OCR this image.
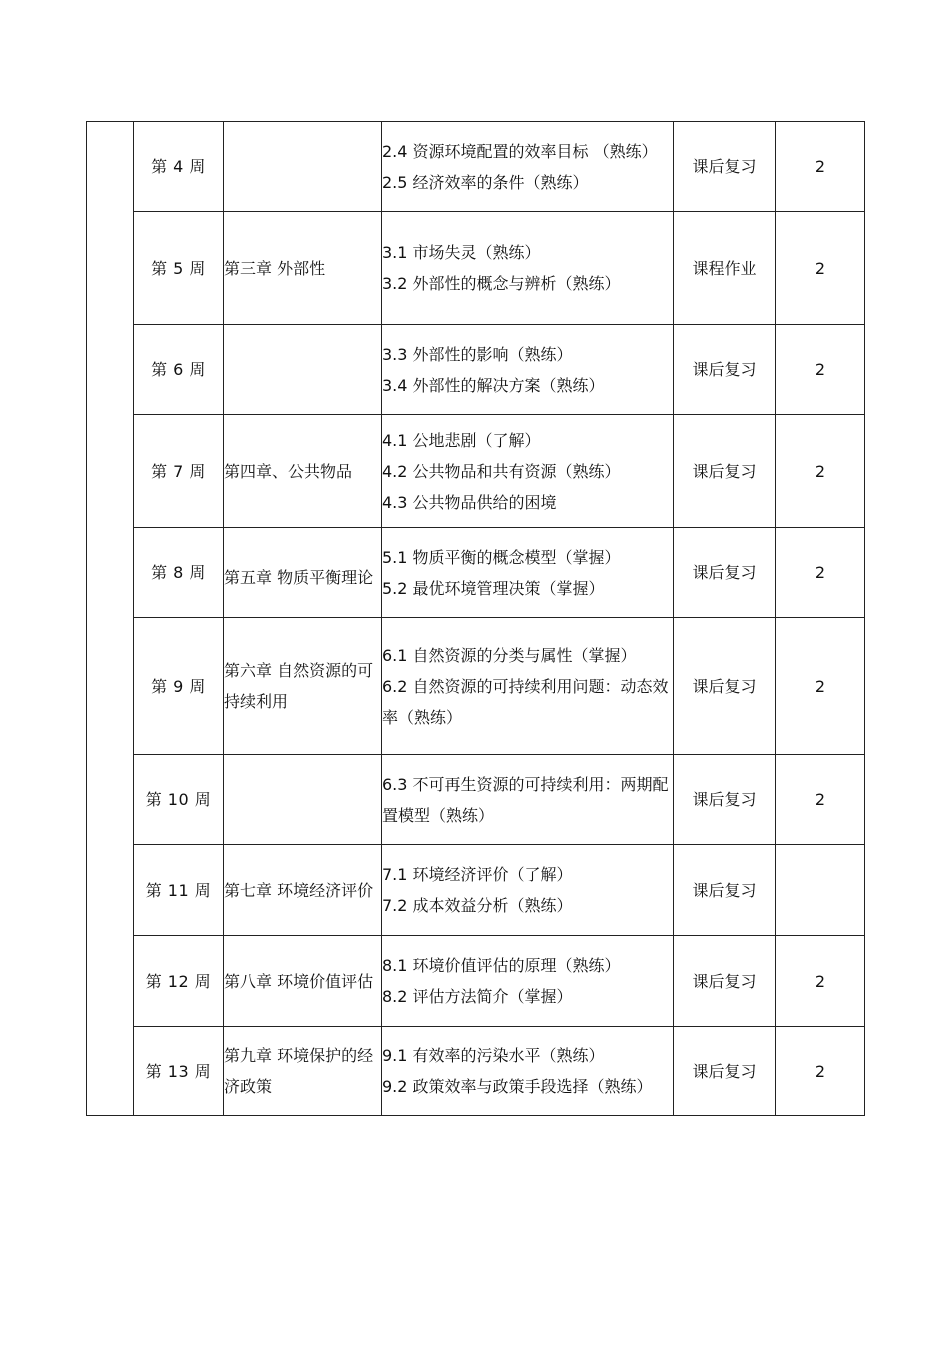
	第 4 周		2.4 资源环境配置的效率目标 （熟练）
2.5 经济效率的条件（熟练）	课后复习	2
	第 5 周	第三章 外部性	3.1 市场失灵（熟练）
3.2 外部性的概念与辨析（熟练）	课程作业	2
	第 6 周		3.3 外部性的影响（熟练）
3.4 外部性的解决方案（熟练）	课后复习	2
	第 7 周	第四章、公共物品	4.1 公地悲剧（了解）
4.2 公共物品和共有资源（熟练）
4.3 公共物品供给的困境	课后复习	2
	第 8 周	第五章 物质平衡理论	5.1 物质平衡的概念模型（掌握）
5.2 最优环境管理决策（掌握）	课后复习	2
	第 9 周	第六章 自然资源的可持续利用	6.1 自然资源的分类与属性（掌握）
6.2 自然资源的可持续利用问题：动态效率（熟练）	课后复习	2
	第 10 周		6.3 不可再生资源的可持续利用：两期配置模型（熟练）	课后复习	2
	第 11 周	第七章 环境经济评价	7.1 环境经济评价（了解）
7.2 成本效益分析（熟练）	课后复习	
	第 12 周	第八章 环境价值评估	8.1 环境价值评估的原理（熟练）
8.2 评估方法简介（掌握）	课后复习	2
	第 13 周	第九章 环境保护的经济政策	9.1 有效率的污染水平（熟练）
9.2 政策效率与政策手段选择（熟练）	课后复习	2
